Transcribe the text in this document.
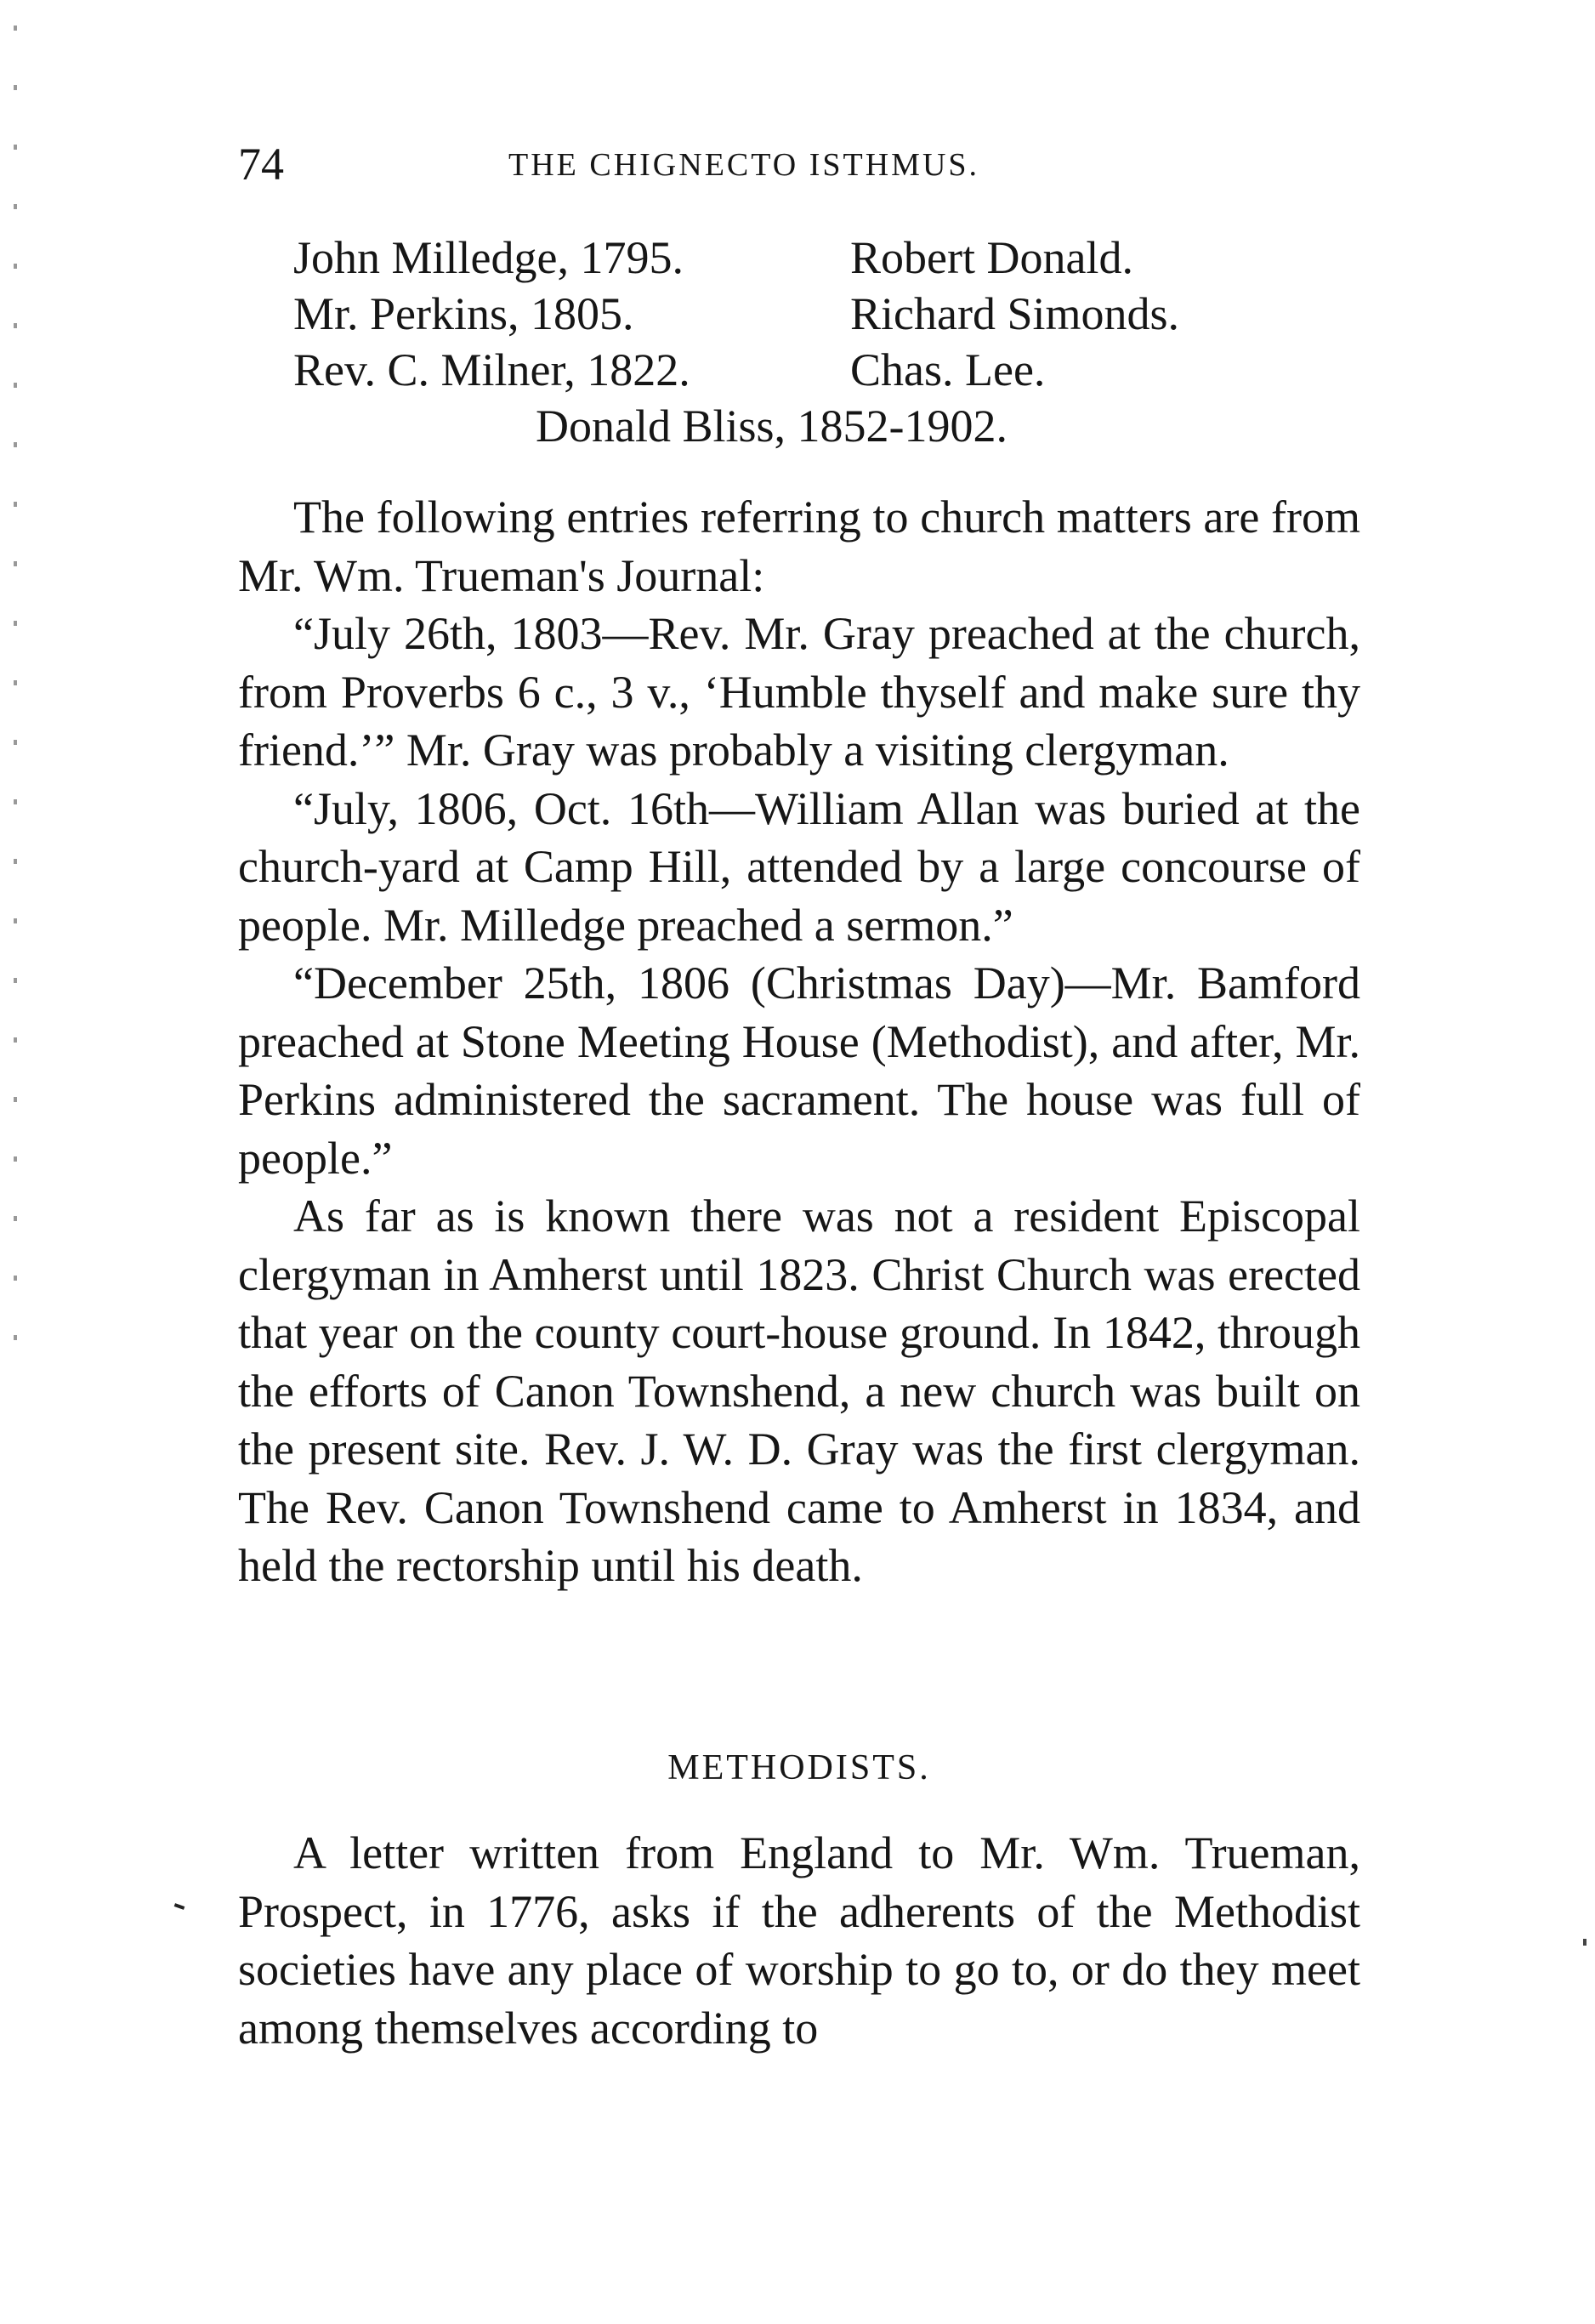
74	THE CHIGNECTO ISTHMUS.
John Milledge, 1795.	Robert Donald.
Mr. Perkins, 1805.	Richard Simonds.
Rev. C. Milner, 1822.	Chas. Lee.
Donald Bliss, 1852-1902.

The following entries referring to church matters are from Mr. Wm. Trueman's Journal:

“July 26th, 1803—Rev. Mr. Gray preached at the church, from Proverbs 6 c., 3 v., ‘Humble thyself and make sure thy friend.’” Mr. Gray was probably a visiting clergyman.

“July, 1806, Oct. 16th—William Allan was buried at the church-yard at Camp Hill, attended by a large concourse of people. Mr. Milledge preached a sermon.”

“December 25th, 1806 (Christmas Day)—Mr. Bamford preached at Stone Meeting House (Methodist), and after, Mr. Perkins administered the sacrament. The house was full of people.”

As far as is known there was not a resident Episcopal clergyman in Amherst until 1823. Christ Church was erected that year on the county court-house ground. In 1842, through the efforts of Canon Townshend, a new church was built on the present site. Rev. J. W. D. Gray was the first clergyman. The Rev. Canon Townshend came to Amherst in 1834, and held the rectorship until his death.

METHODISTS.

A letter written from England to Mr. Wm. Trueman, Prospect, in 1776, asks if the adherents of the Methodist societies have any place of worship to go to, or do they meet among themselves according to
